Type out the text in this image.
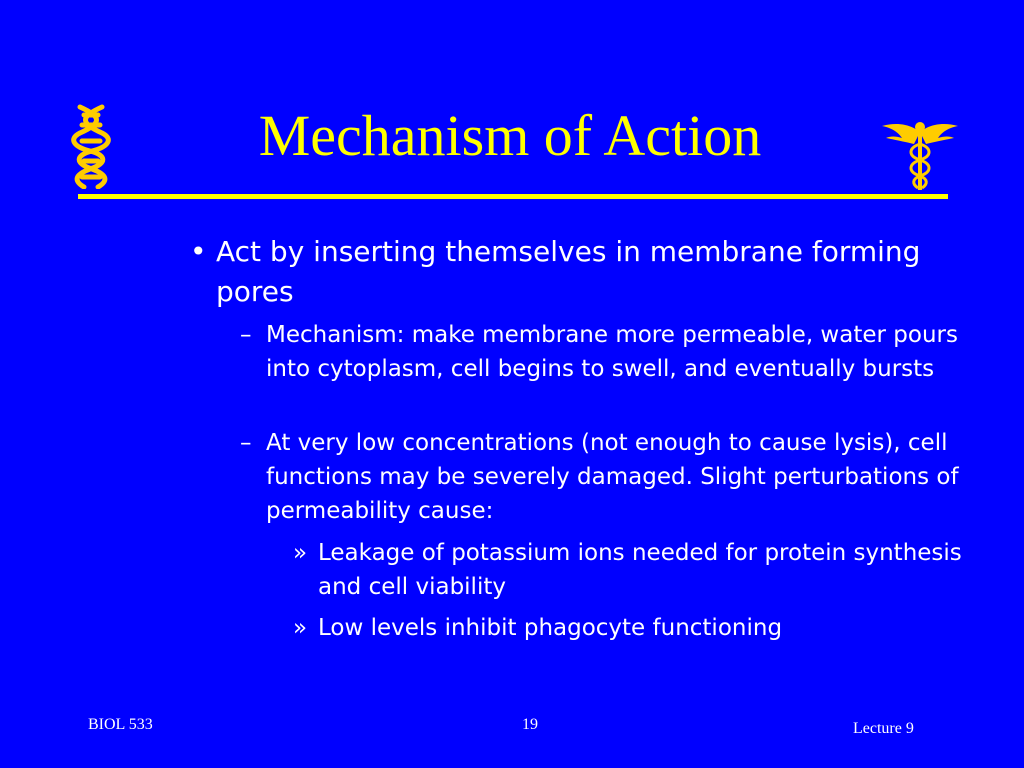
Mechanism of Action
• Act by inserting themselves in membrane forming pores
– Mechanism: make membrane more permeable, water pours into cytoplasm, cell begins to swell, and eventually bursts
– At very low concentrations (not enough to cause lysis), cell functions may be severely damaged. Slight perturbations of permeability cause:
» Leakage of potassium ions needed for protein synthesis and cell viability
» Low levels inhibit phagocyte functioning
BIOL 533	19	Lecture 9
